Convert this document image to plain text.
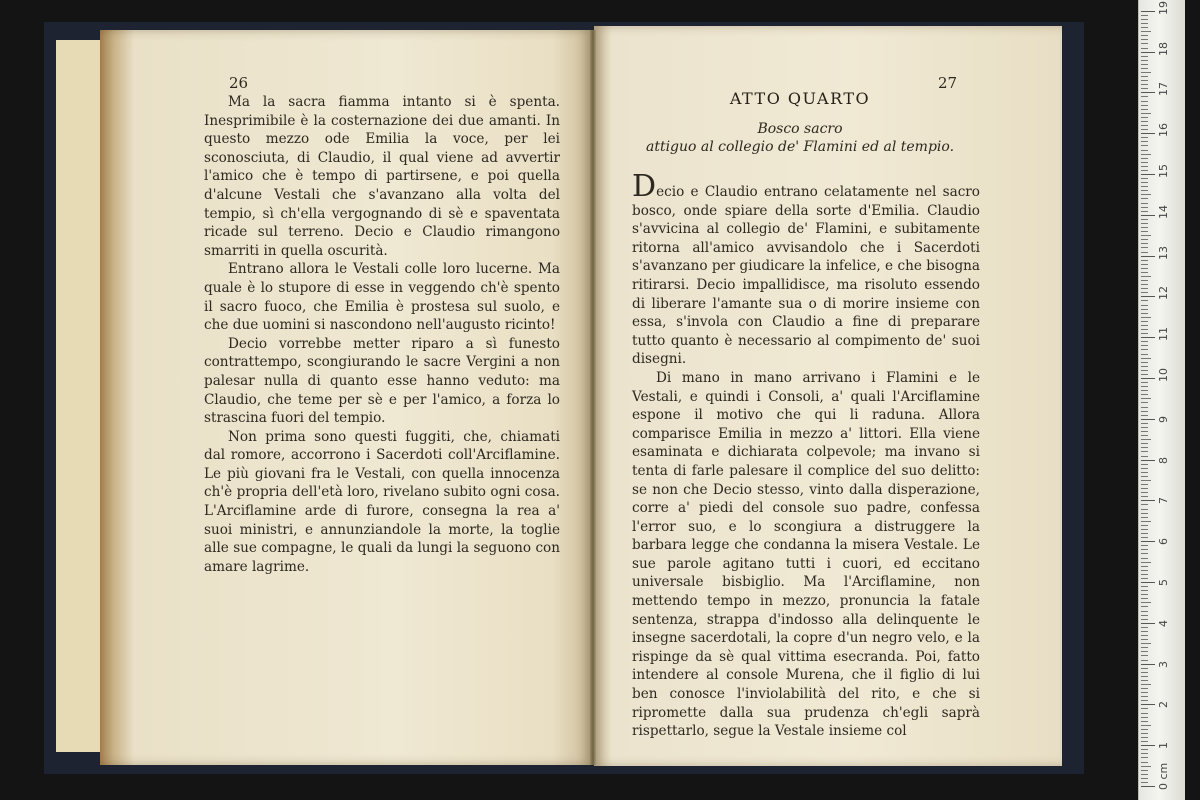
26

Ma la sacra fiamma intanto si è spenta. Inesprimibile è la costernazione dei due amanti. In questo mezzo ode Emilia la voce, per lei sconosciuta, di Claudio, il qual viene ad avvertir l'amico che è tempo di partirsene, e poi quella d'alcune Vestali che s'avanzano alla volta del tempio, sì ch'ella vergognando di sè e spaventata ricade sul terreno. Decio e Claudio rimangono smarriti in quella oscurità.

Entrano allora le Vestali colle loro lucerne. Ma quale è lo stupore di esse in veggendo ch'è spento il sacro fuoco, che Emilia è prostesa sul suolo, e che due uomini si nascondono nell'augusto ricinto!

Decio vorrebbe metter riparo a sì funesto contrattempo, scongiurando le sacre Vergini a non palesar nulla di quanto esse hanno veduto: ma Claudio, che teme per sè e per l'amico, a forza lo strascina fuori del tempio.

Non prima sono questi fuggiti, che, chiamati dal romore, accorrono i Sacerdoti coll'Arciflamine. Le più giovani fra le Vestali, con quella innocenza ch'è propria dell'età loro, rivelano subito ogni cosa. L'Arciflamine arde di furore, consegna la rea a' suoi ministri, e annunziandole la morte, la toglie alle sue compagne, le quali da lungi la seguono con amare lagrime.

27
ATTO QUARTO
Bosco sacro
attiguo al collegio de' Flamini ed al tempio.

Decio e Claudio entrano celatamente nel sacro bosco, onde spiare della sorte d'Emilia. Claudio s'avvicina al collegio de' Flamini, e subitamente ritorna all'amico avvisandolo che i Sacerdoti s'avanzano per giudicare la infelice, e che bisogna ritirarsi. Decio impallidisce, ma risoluto essendo di liberare l'amante sua o di morire insieme con essa, s'invola con Claudio a fine di preparare tutto quanto è necessario al compimento de' suoi disegni.

Di mano in mano arrivano i Flamini e le Vestali, e quindi i Consoli, a' quali l'Arciflamine espone il motivo che qui li raduna. Allora comparisce Emilia in mezzo a' littori. Ella viene esaminata e dichiarata colpevole; ma invano si tenta di farle palesare il complice del suo delitto: se non che Decio stesso, vinto dalla disperazione, corre a' piedi del console suo padre, confessa l'error suo, e lo scongiura a distruggere la barbara legge che condanna la misera Vestale. Le sue parole agitano tutti i cuori, ed eccitano universale bisbiglio. Ma l'Arciflamine, non mettendo tempo in mezzo, pronuncia la fatale sentenza, strappa d'indosso alla delinquente le insegne sacerdotali, la copre d'un negro velo, e la rispinge da sè qual vittima esecranda. Poi, fatto intendere al console Murena, che il figlio di lui ben conosce l'inviolabilità del rito, e che si ripromette dalla sua prudenza ch'egli saprà rispettarlo, segue la Vestale insieme col

0 cm
1
2
3
4
5
6
7
8
9
10
11
12
13
14
15
16
17
18
19
